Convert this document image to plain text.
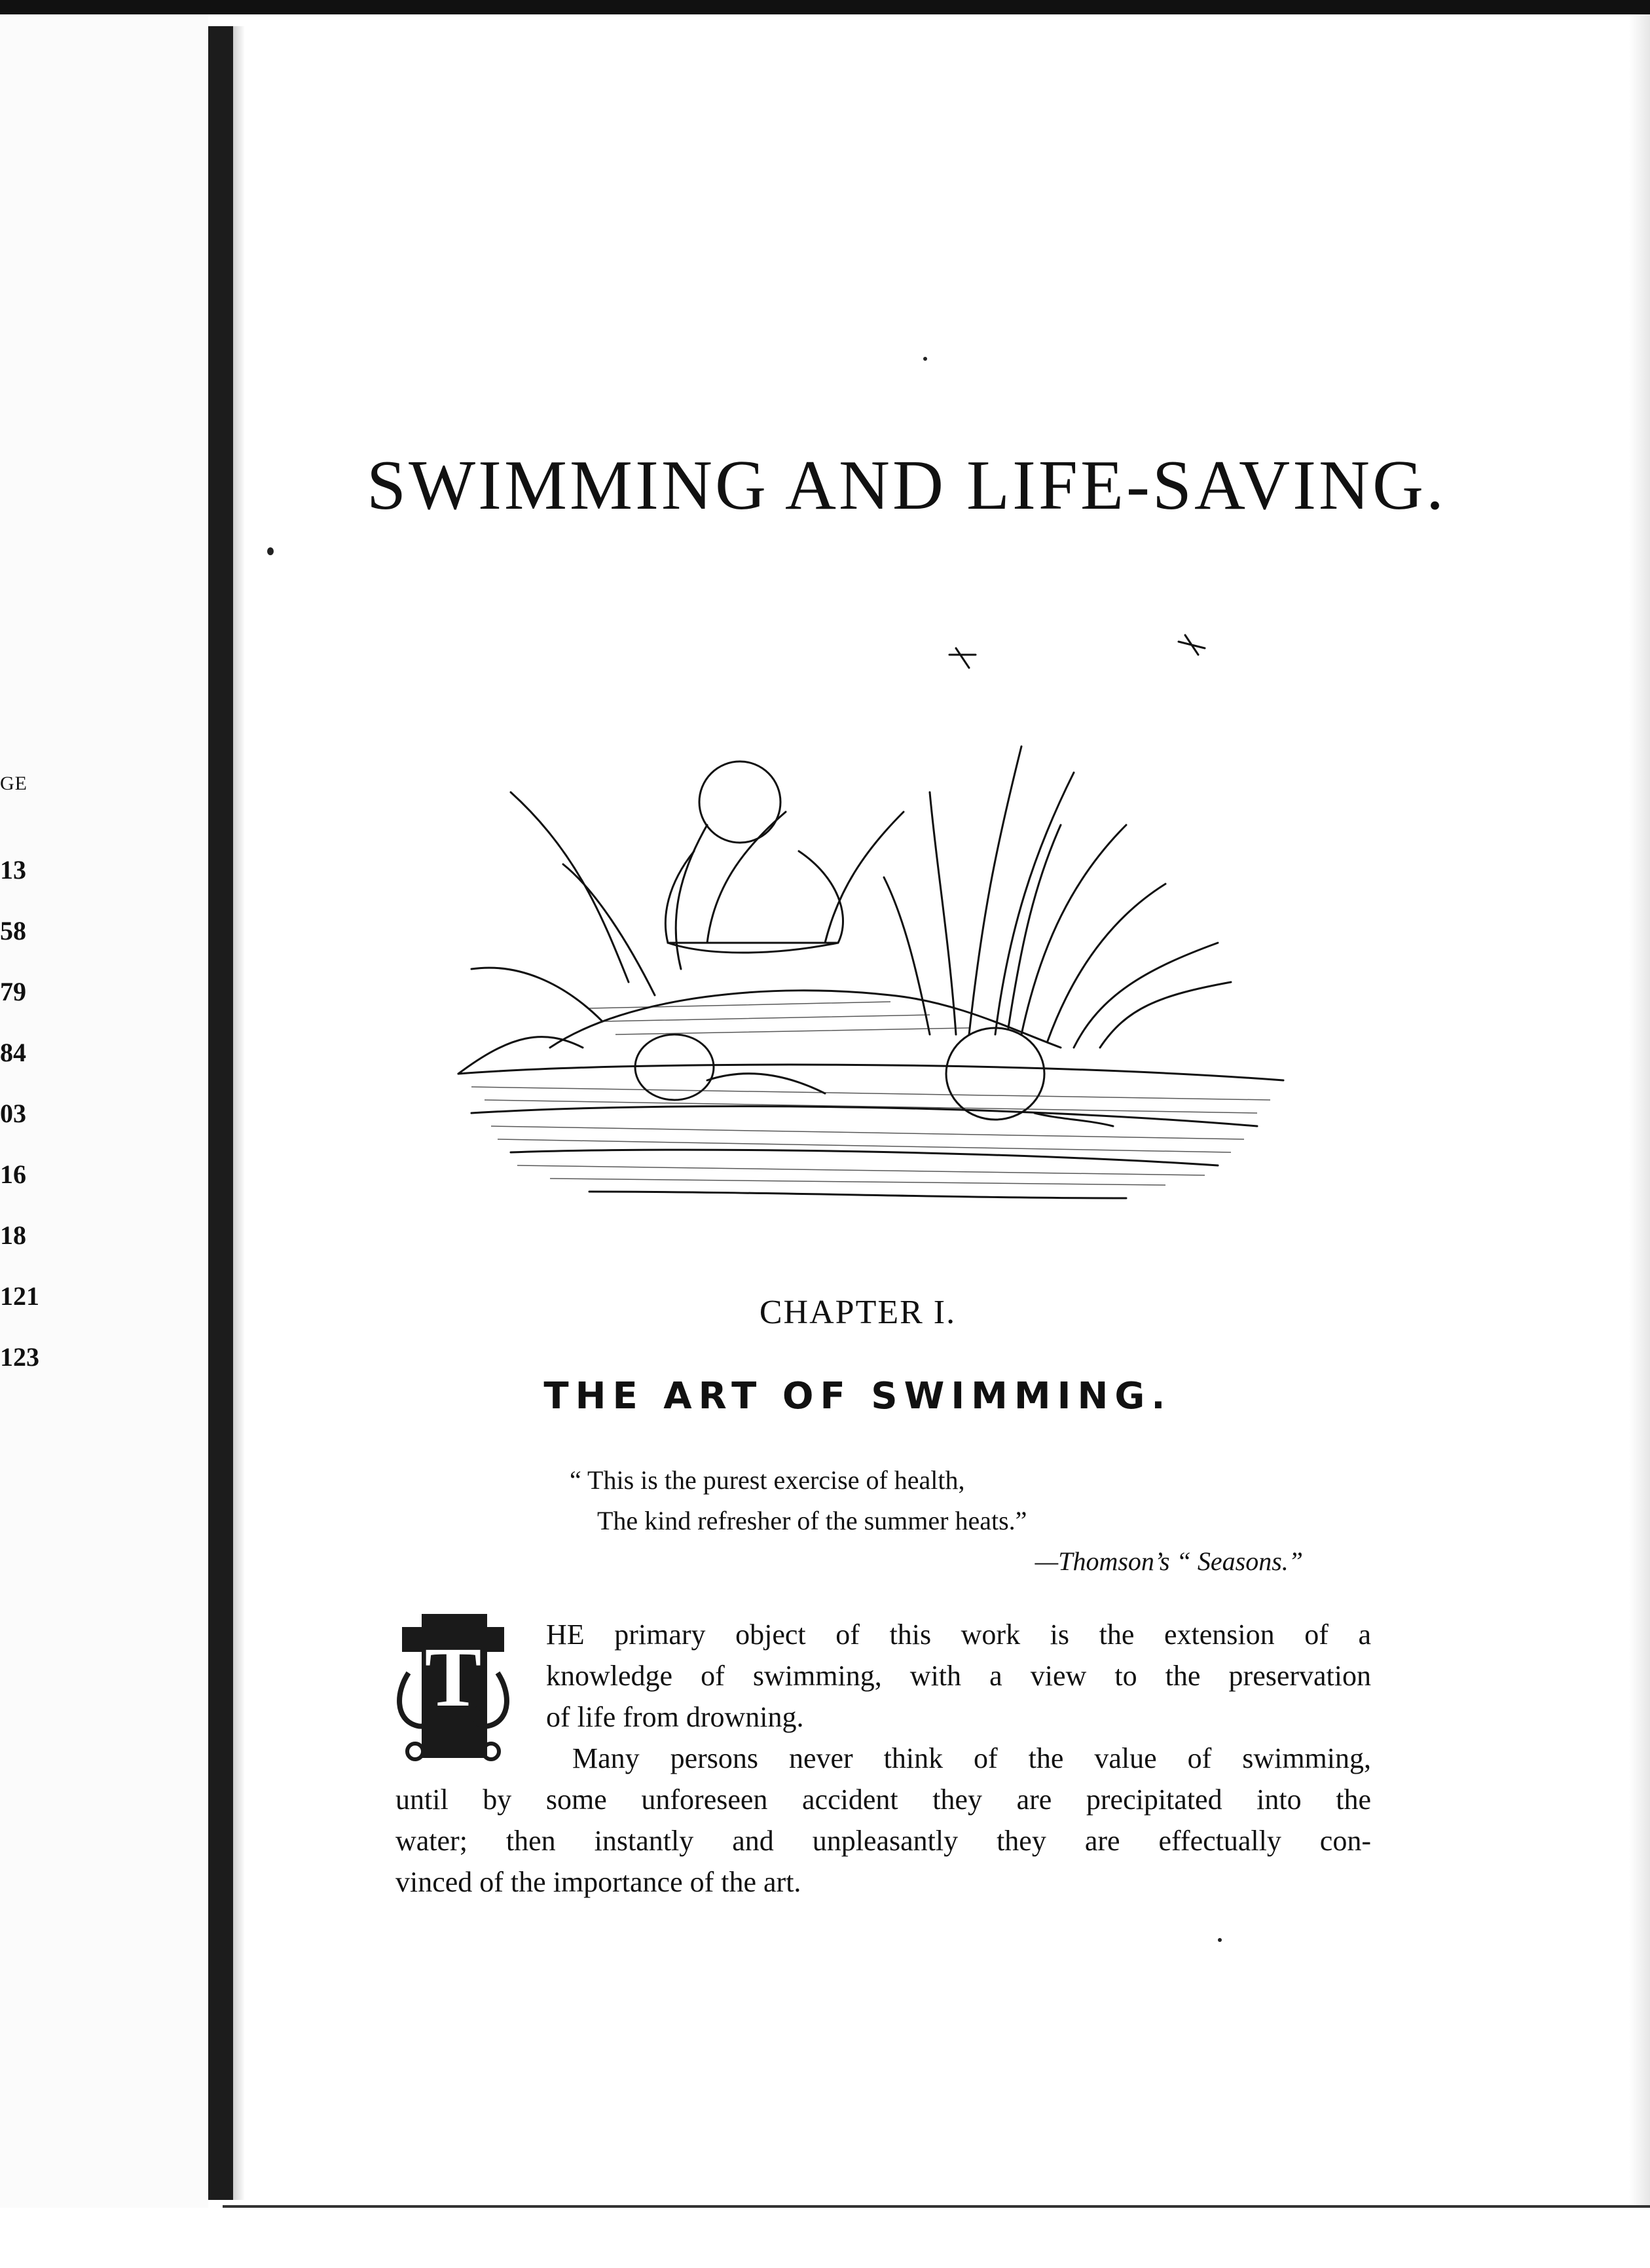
GE
13
58
79
84
03
16
18
121
123
SWIMMING AND LIFE-SAVING.
CHAPTER I.
THE ART OF SWIMMING.
“ This is the purest exercise of health,
The kind refresher of the summer heats.”
—Thomson’s “ Seasons.”
T HE primary object of this work is the extension of a
knowledge of swimming, with a view to the preservation
of life from drowning.
Many persons never think of the value of swimming,
until by some unforeseen accident they are precipitated into the
water; then instantly and unpleasantly they are effectually con-
vinced of the importance of the art.
